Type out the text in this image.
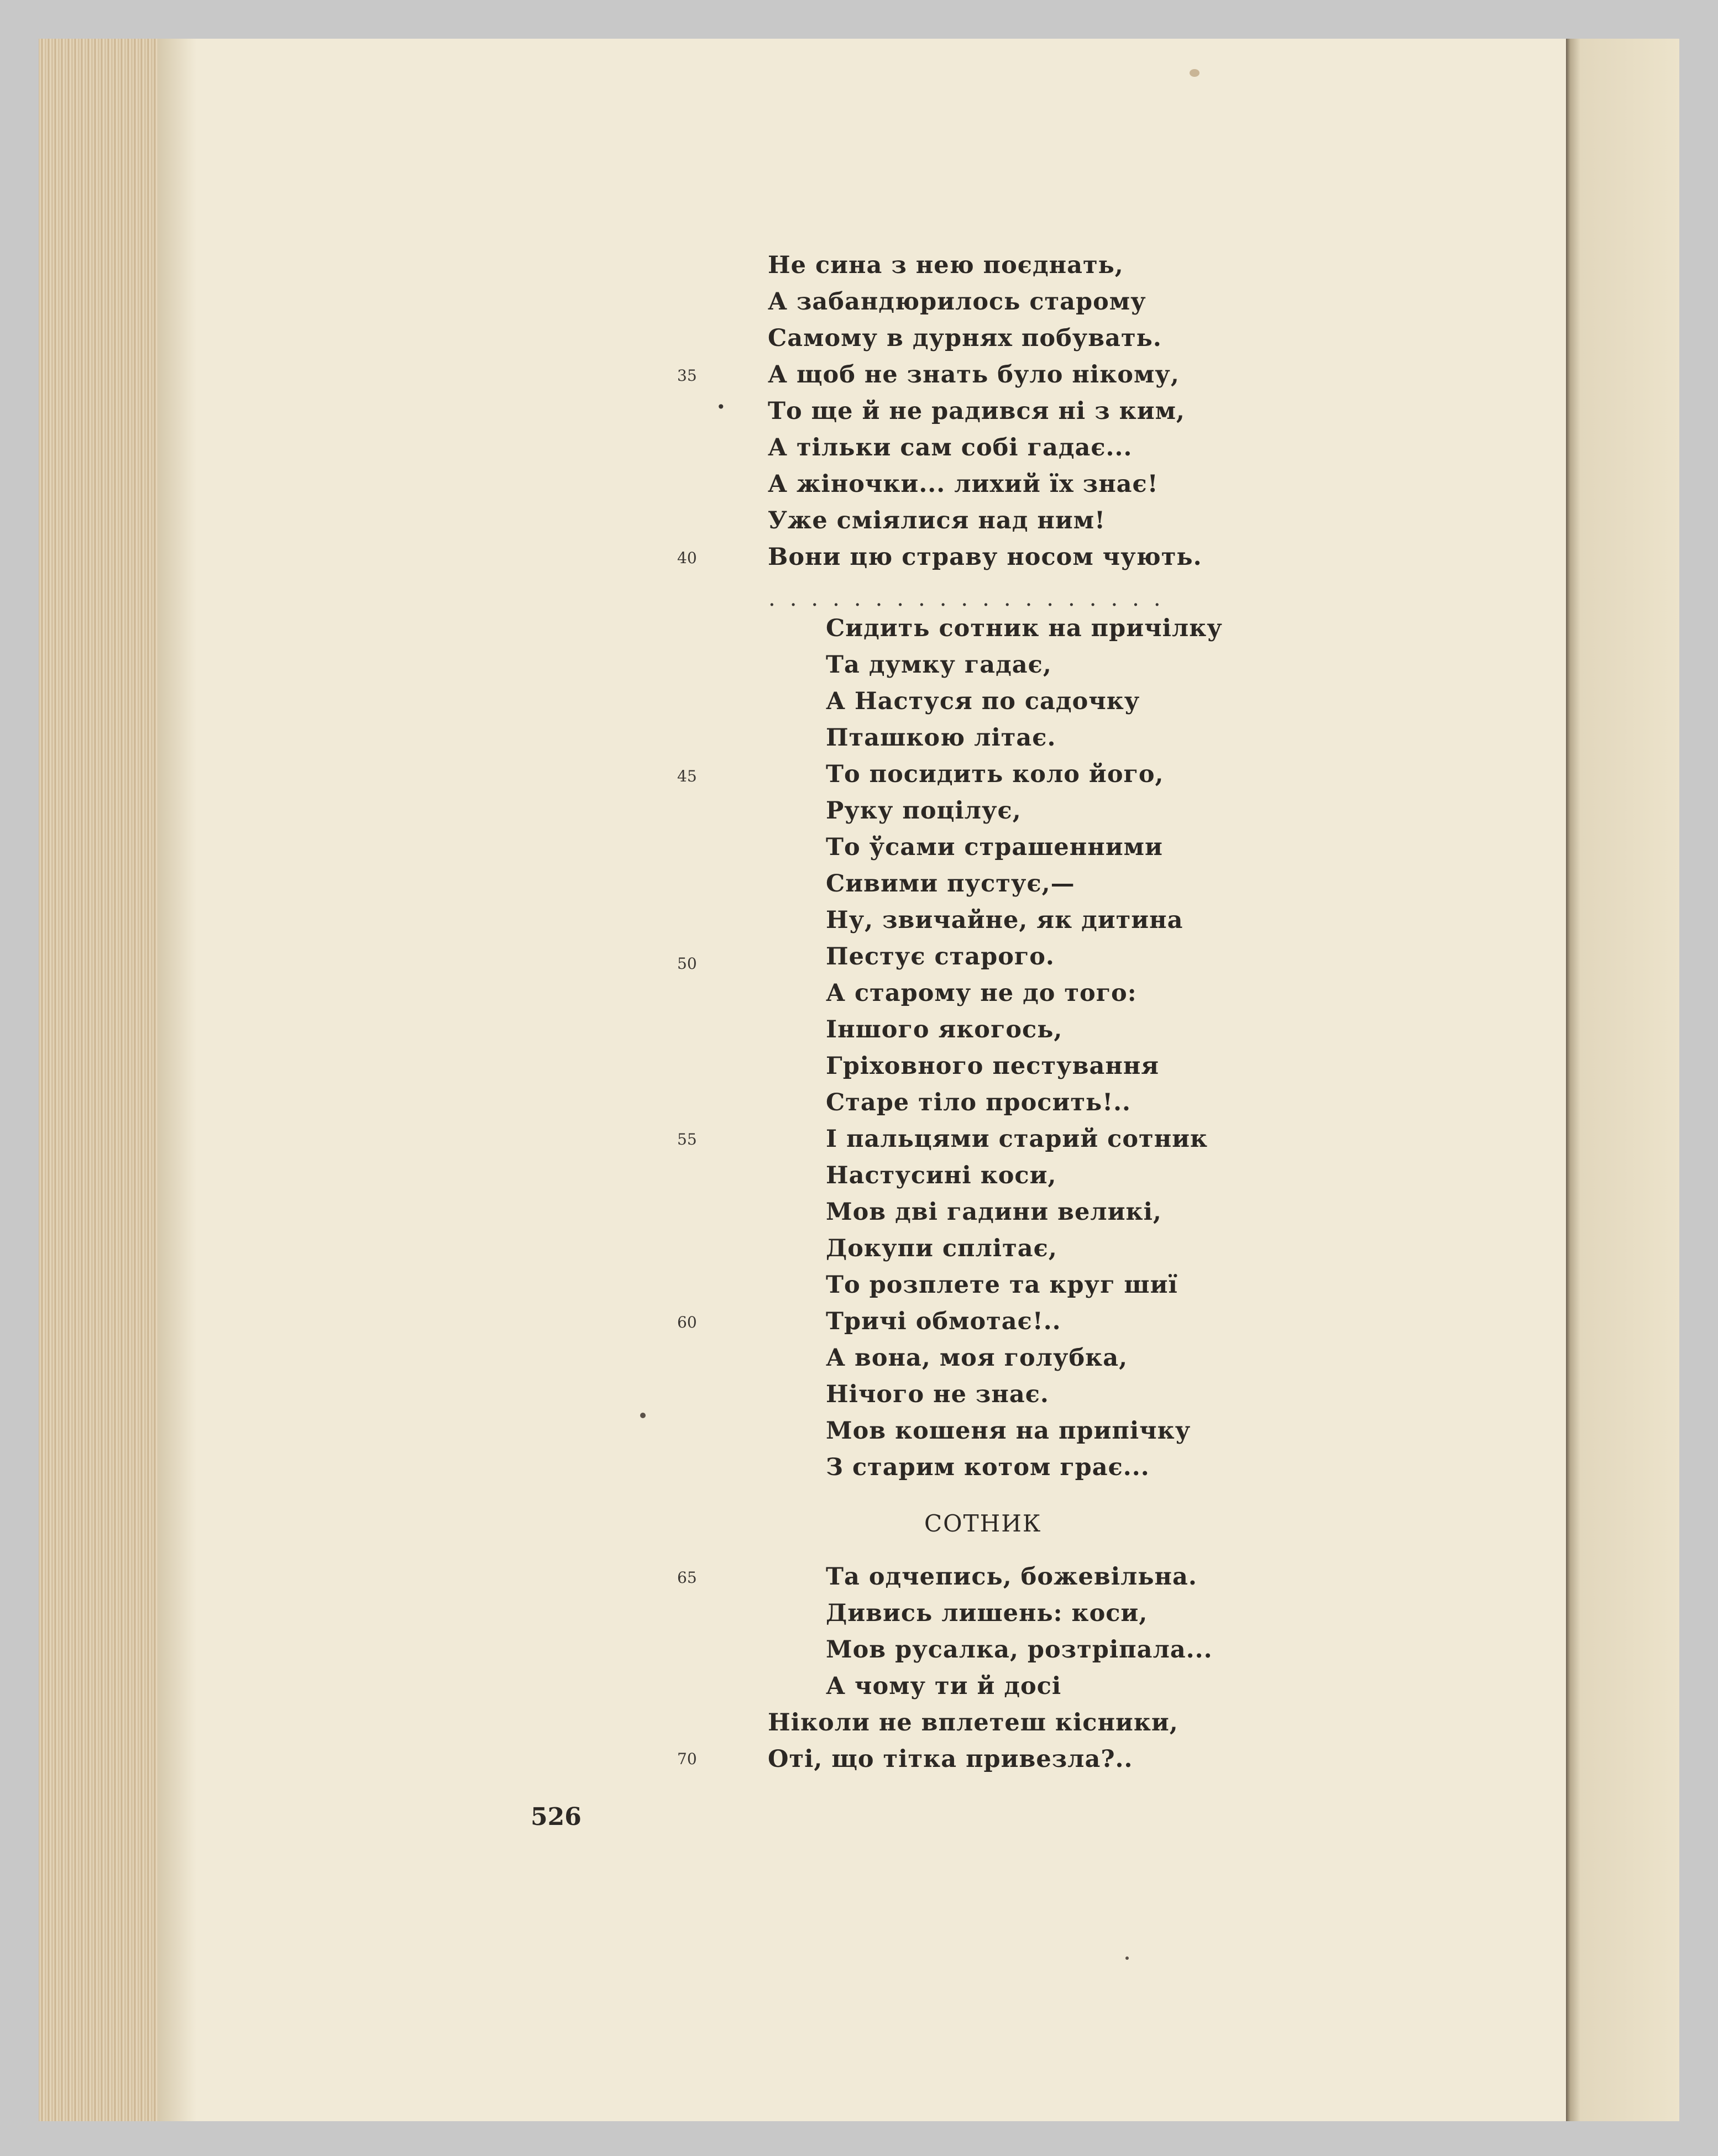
35
•
40
45
50
55
60
65
70
Не сина з нею поєднать,
А забандюрилось старому
Самому в дурнях побувать.
А щоб не знать було нікому,
То ще й не радився ні з ким,
А тільки сам собі гадає...
А жіночки... лихий їх знає!
Уже сміялися над ним!
Вони цю страву носом чують.
Сидить сотник на причілку
Та думку гадає,
А Настуся по садочку
Пташкою літає.
То посидить коло його,
Руку поцілує,
То ўсами страшенними
Сивими пустує,—
Ну, звичайне, як дитина
Пестує старого.
А старому не до того:
Іншого якогось,
Гріховного пестування
Старе тіло просить!..
І пальцями старий сотник
Настусині коси,
Мов дві гадини великі,
Докупи сплітає,
То розплете та круг шиї
Тричі обмотає!..
А вона, моя голубка,
Нічого не знає.
Мов кошеня на припічку
З старим котом грає...
Та одчепись, божевільна.
Дивись лишень: коси,
Мов русалка, розтріпала...
А чому ти й досі
Ніколи не вплетеш кісники,
Оті, що тітка привезла?..
...................
СОТНИК
526
